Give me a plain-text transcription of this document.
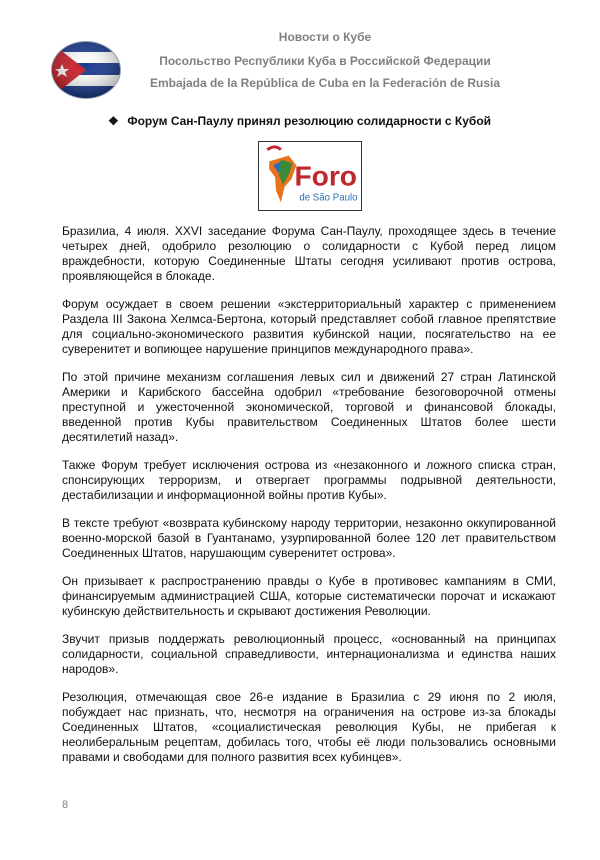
Новости о Кубе
Посольство Республики Куба в Российской Федерации
Embajada de la República de Cuba en la Federación de Rusia
❖ Форум Сан-Паулу принял резолюцию солидарности с Кубой
Foro
de São Paulo

Бразилиа, 4 июля. XXVI заседание Форума Сан-Паулу, проходящее здесь в течение четырех дней, одобрило резолюцию о солидарности с Кубой перед лицом враждебности, которую Соединенные Штаты сегодня усиливают против острова, проявляющейся в блокаде.

Форум осуждает в своем решении «экстерриториальный характер с применением Раздела III Закона Хелмса-Бертона, который представляет собой главное препятствие для социально-экономического развития кубинской нации, посягательство на ее суверенитет и вопиющее нарушение принципов международного права».

По этой причине механизм соглашения левых сил и движений 27 стран Латинской Америки и Карибского бассейна одобрил «требование безоговорочной отмены преступной и ужесточенной экономической, торговой и финансовой блокады, введенной против Кубы правительством Соединенных Штатов более шести десятилетий назад».

Также Форум требует исключения острова из «незаконного и ложного списка стран, спонсирующих терроризм, и отвергает программы подрывной деятельности, дестабилизации и информационной войны против Кубы».

В тексте требуют «возврата кубинскому народу территории, незаконно оккупированной военно-морской базой в Гуантанамо, узурпированной более 120 лет правительством Соединенных Штатов, нарушающим суверенитет острова».

Он призывает к распространению правды о Кубе в противовес кампаниям в СМИ, финансируемым администрацией США, которые систематически порочат и искажают кубинскую действительность и скрывают достижения Революции.

Звучит призыв поддержать революционный процесс, «основанный на принципах солидарности, социальной справедливости, интернационализма и единства наших народов».

Резолюция, отмечающая свое 26-е издание в Бразилиа с 29 июня по 2 июля, побуждает нас признать, что, несмотря на ограничения на острове из-за блокады Соединенных Штатов, «социалистическая революция Кубы, не прибегая к неолиберальным рецептам, добилась того, чтобы её люди пользовались основными правами и свободами для полного развития всех кубинцев».

8
